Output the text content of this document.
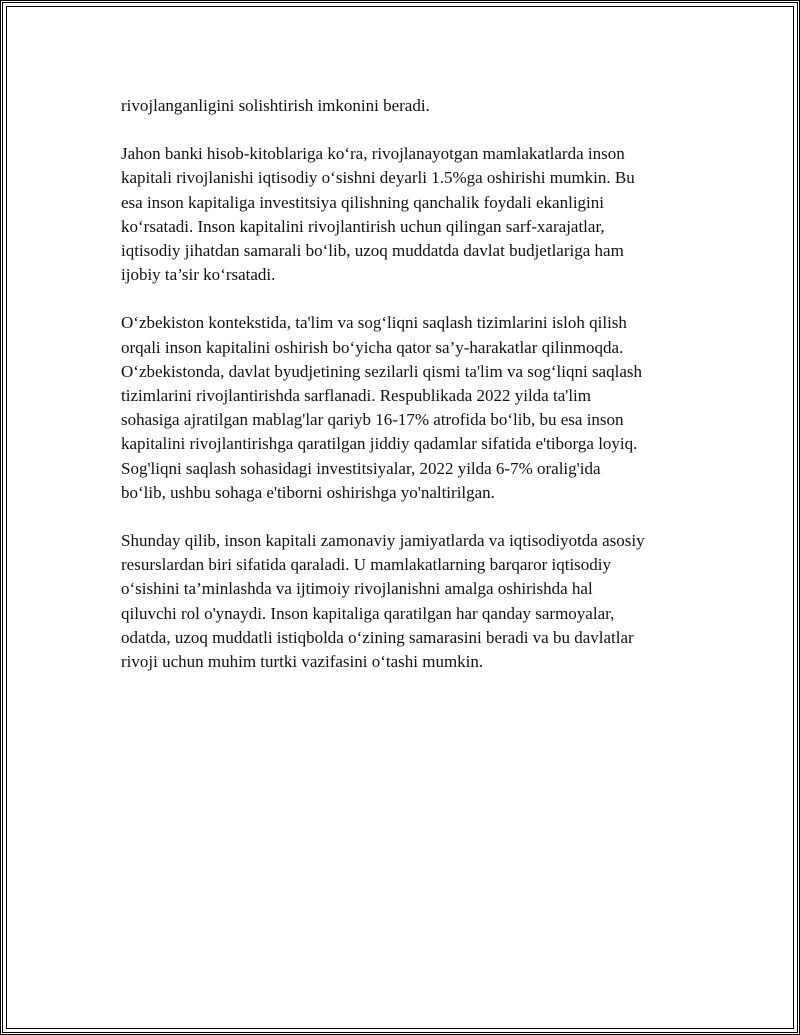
rivojlanganligini solishtirish imkonini beradi.

Jahon banki hisob-kitoblariga ko‘ra, rivojlanayotgan mamlakatlarda inson
kapitali rivojlanishi iqtisodiy o‘sishni deyarli 1.5%ga oshirishi mumkin. Bu
esa inson kapitaliga investitsiya qilishning qanchalik foydali ekanligini
ko‘rsatadi. Inson kapitalini rivojlantirish uchun qilingan sarf-xarajatlar,
iqtisodiy jihatdan samarali bo‘lib, uzoq muddatda davlat budjetlariga ham
ijobiy ta’sir ko‘rsatadi.

O‘zbekiston kontekstida, ta'lim va sog‘liqni saqlash tizimlarini isloh qilish
orqali inson kapitalini oshirish bo‘yicha qator sa’y-harakatlar qilinmoqda.
O‘zbekistonda, davlat byudjetining sezilarli qismi ta'lim va sog‘liqni saqlash
tizimlarini rivojlantirishda sarflanadi. Respublikada 2022 yilda ta'lim
sohasiga ajratilgan mablag'lar qariyb 16-17% atrofida bo‘lib, bu esa inson
kapitalini rivojlantirishga qaratilgan jiddiy qadamlar sifatida e'tiborga loyiq.
Sog'liqni saqlash sohasidagi investitsiyalar, 2022 yilda 6-7% oralig'ida
bo‘lib, ushbu sohaga e'tiborni oshirishga yo'naltirilgan.

Shunday qilib, inson kapitali zamonaviy jamiyatlarda va iqtisodiyotda asosiy
resurslardan biri sifatida qaraladi. U mamlakatlarning barqaror iqtisodiy
o‘sishini ta’minlashda va ijtimoiy rivojlanishni amalga oshirishda hal
qiluvchi rol o'ynaydi. Inson kapitaliga qaratilgan har qanday sarmoyalar,
odatda, uzoq muddatli istiqbolda o‘zining samarasini beradi va bu davlatlar
rivoji uchun muhim turtki vazifasini o‘tashi mumkin.
